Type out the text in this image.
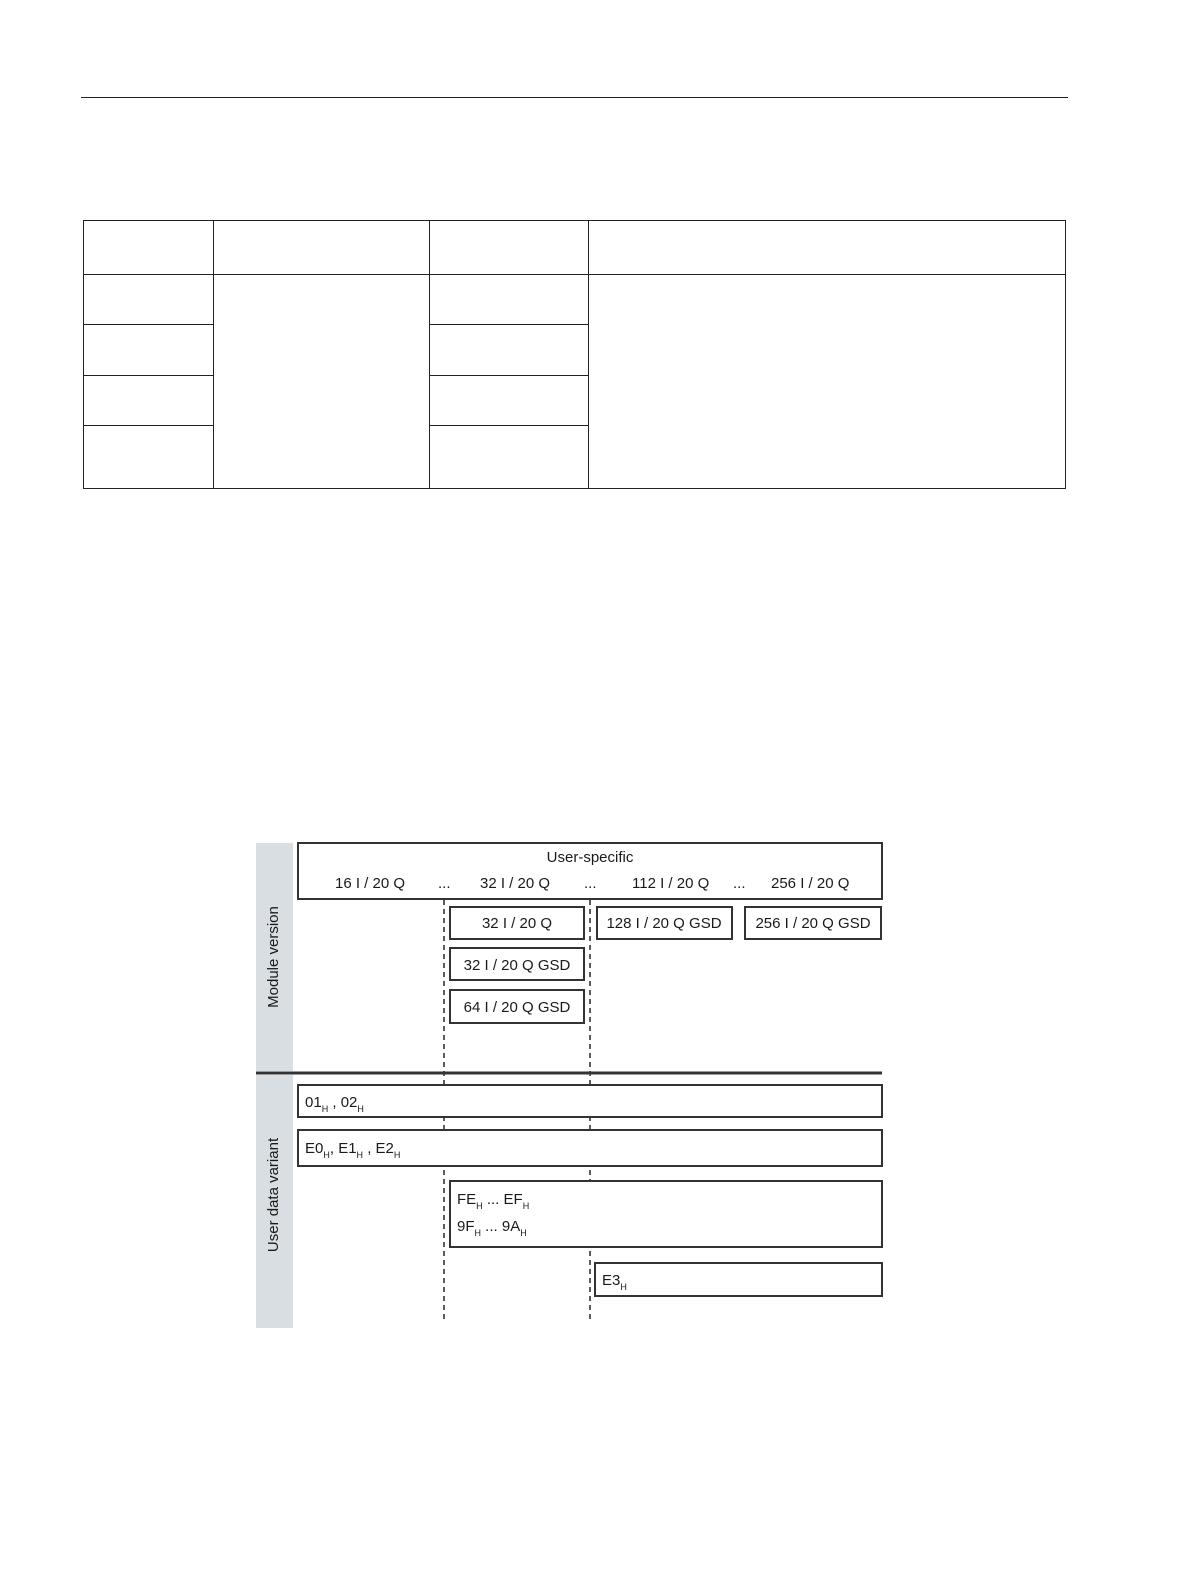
Module version
User data variant
User-specific
16 I / 20 Q ... 32 I / 20 Q ... 112 I / 20 Q ... 256 I / 20 Q
32 I / 20 Q
32 I / 20 Q GSD
64 I / 20 Q GSD
128 I / 20 Q GSD 256 I / 20 Q GSD
$01_H$ , $02_H$
$E0_H$, $E1_H$ , $E2_H$
$FE_H$ ... $EF_H$
$9F_H$ ... $9A_H$
$E3_H$
